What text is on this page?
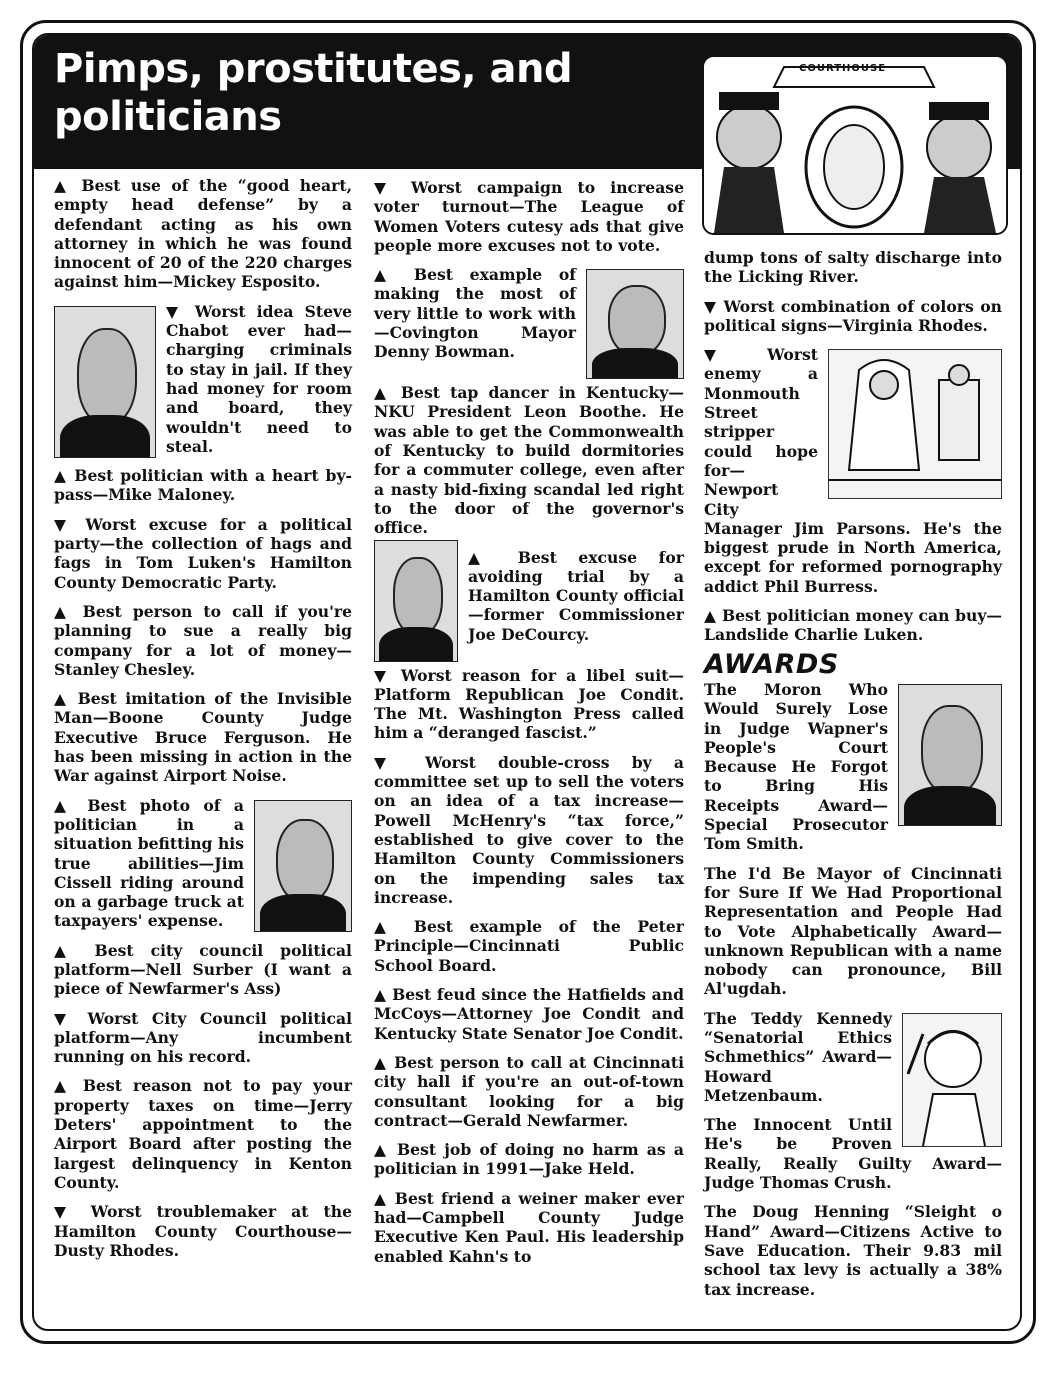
Pimps, prostitutes, and politicians
COURTHOUSE

▲ Best use of the “good heart, empty head defense” by a defendant acting as his own attorney in which he was found innocent of 20 of the 220 charges against him—Mickey Esposito.

▼ Worst idea Steve Chabot ever had—charging criminals to stay in jail. If they had money for room and board, they wouldn't need to steal.

▲ Best politician with a heart by-pass—Mike Maloney.

▼ Worst excuse for a political party—the collection of hags and fags in Tom Luken's Hamilton County Democratic Party.

▲ Best person to call if you're planning to sue a really big company for a lot of money—Stanley Chesley.

▲ Best imitation of the Invisible Man—Boone County Judge Executive Bruce Ferguson. He has been missing in action in the War against Airport Noise.

▲ Best photo of a politician in a situation befitting his true abilities—Jim Cissell riding around on a garbage truck at taxpayers' expense.

▲ Best city council political platform—Nell Surber (I want a piece of Newfarmer's Ass)

▼ Worst City Council political platform—Any incumbent running on his record.

▲ Best reason not to pay your property taxes on time—Jerry Deters' appointment to the Airport Board after posting the largest delinquency in Kenton County.

▼ Worst troublemaker at the Hamilton County Courthouse—Dusty Rhodes.

▼ Worst campaign to increase voter turnout—The League of Women Voters cutesy ads that give people more excuses not to vote.

▲ Best example of making the most of very little to work with—Covington Mayor Denny Bowman.

▲ Best tap dancer in Kentucky—NKU President Leon Boothe. He was able to get the Commonwealth of Kentucky to build dormitories for a commuter college, even after a nasty bid-fixing scandal led right to the door of the governor's office.

▲ Best excuse for avoiding trial by a Hamilton County official—former Commissioner Joe DeCourcy.

▼ Worst reason for a libel suit—Platform Republican Joe Condit. The Mt. Washington Press called him a “deranged fascist.”

▼ Worst double-cross by a committee set up to sell the voters on an idea of a tax increase—Powell McHenry's “tax force,” established to give cover to the Hamilton County Commissioners on the impending sales tax increase.

▲ Best example of the Peter Principle—Cincinnati Public School Board.

▲ Best feud since the Hatfields and McCoys—Attorney Joe Condit and Kentucky State Senator Joe Condit.

▲ Best person to call at Cincinnati city hall if you're an out-of-town consultant looking for a big contract—Gerald Newfarmer.

▲ Best job of doing no harm as a politician in 1991—Jake Held.

▲ Best friend a weiner maker ever had—Campbell County Judge Executive Ken Paul. His leadership enabled Kahn's to

dump tons of salty discharge into the Licking River.

▼ Worst combination of colors on political signs—Virginia Rhodes.

▼ Worst enemy a Monmouth Street stripper could hope for—Newport City Manager Jim Parsons. He's the biggest prude in North America, except for reformed pornography addict Phil Burress.

▲ Best politician money can buy—Landslide Charlie Luken.

AWARDS

The Moron Who Would Surely Lose in Judge Wapner's People's Court Because He Forgot to Bring His Receipts Award—Special Prosecutor Tom Smith.

The I'd Be Mayor of Cincinnati for Sure If We Had Proportional Representation and People Had to Vote Alphabetically Award—unknown Republican with a name nobody can pronounce, Bill Al'ugdah.

The Teddy Kennedy “Senatorial Ethics Schmethics” Award—Howard Metzenbaum.

The Innocent Until He's be Proven Really, Really Guilty Award—Judge Thomas Crush.

The Doug Henning “Sleight o Hand” Award—Citizens Active to Save Education. Their 9.83 mil school tax levy is actually a 38% tax increase.
